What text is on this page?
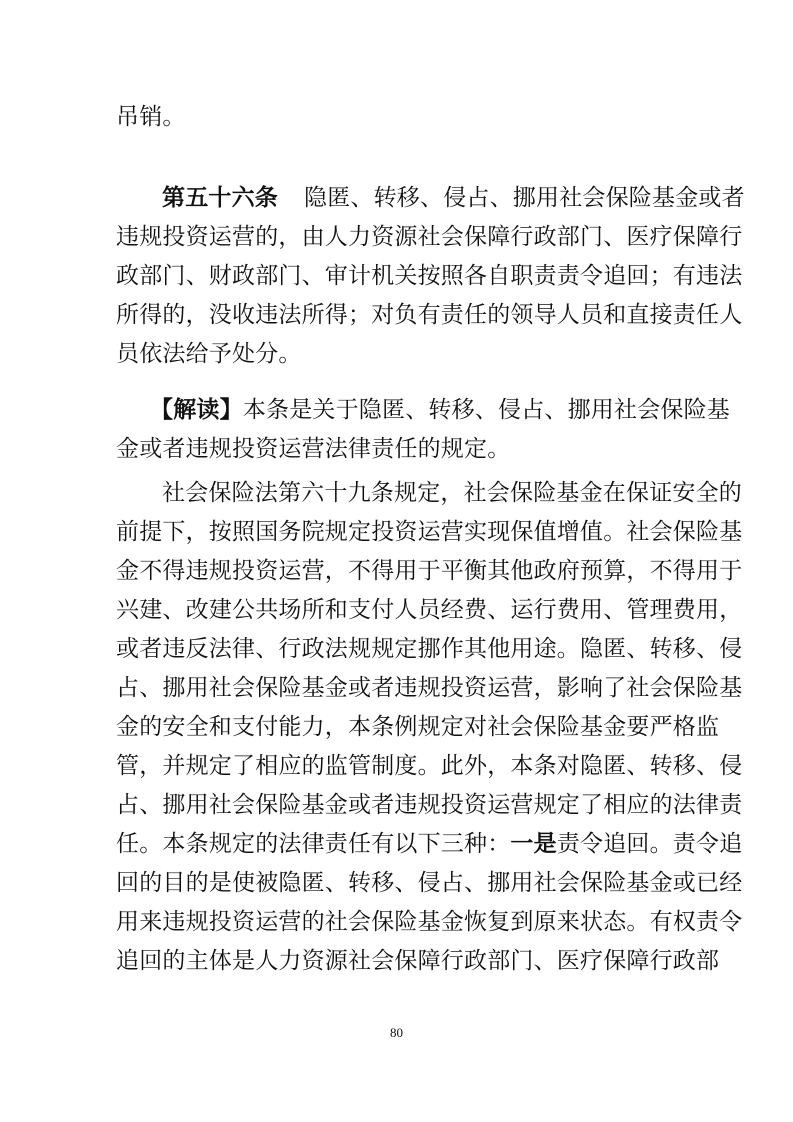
吊销。
第五十六条 隐匿、转移、侵占、挪用社会保险基金或者
违规投资运营的，由人力资源社会保障行政部门、医疗保障行
政部门、财政部门、审计机关按照各自职责责令追回；有违法
所得的，没收违法所得；对负有责任的领导人员和直接责任人
员依法给予处分。
【解读】本条是关于隐匿、转移、侵占、挪用社会保险基
金或者违规投资运营法律责任的规定。
社会保险法第六十九条规定，社会保险基金在保证安全的
前提下，按照国务院规定投资运营实现保值增值。社会保险基
金不得违规投资运营，不得用于平衡其他政府预算，不得用于
兴建、改建公共场所和支付人员经费、运行费用、管理费用，
或者违反法律、行政法规规定挪作其他用途。隐匿、转移、侵
占、挪用社会保险基金或者违规投资运营，影响了社会保险基
金的安全和支付能力，本条例规定对社会保险基金要严格监
管，并规定了相应的监管制度。此外，本条对隐匿、转移、侵
占、挪用社会保险基金或者违规投资运营规定了相应的法律责
任。本条规定的法律责任有以下三种：一是责令追回。责令追
回的目的是使被隐匿、转移、侵占、挪用社会保险基金或已经
用来违规投资运营的社会保险基金恢复到原来状态。有权责令
追回的主体是人力资源社会保障行政部门、医疗保障行政部
80
